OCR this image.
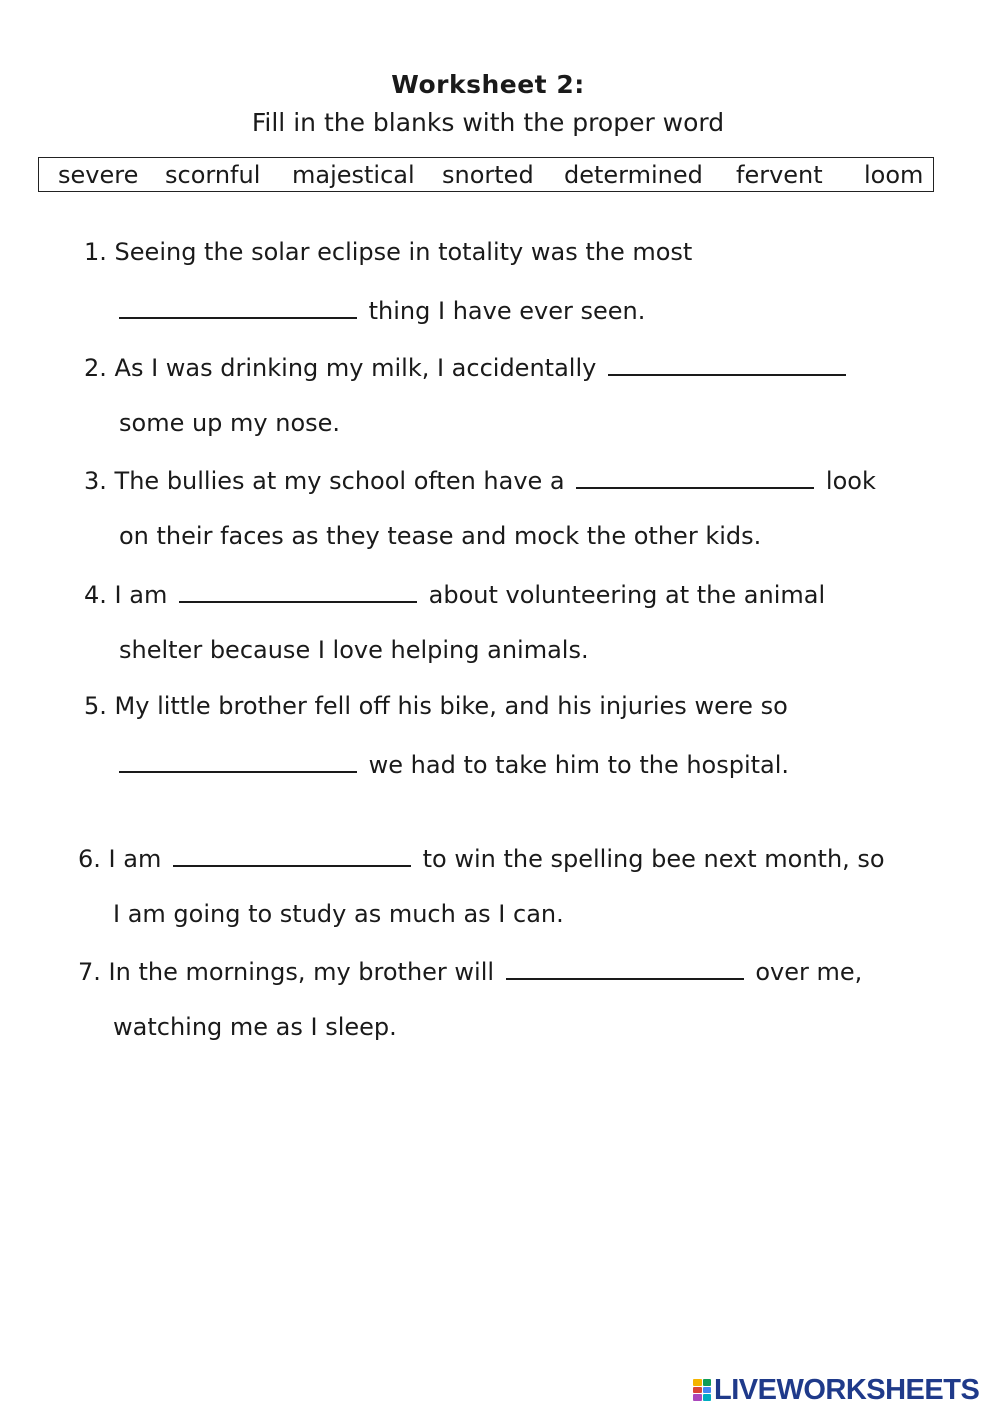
Worksheet 2:
Fill in the blanks with the proper word
severe scornful majestical snorted determined fervent loom
1. Seeing the solar eclipse in totality was the most
thing I have ever seen.
2. As I was drinking my milk, I accidentally
some up my nose.
3. The bullies at my school often have a	look
on their faces as they tease and mock the other kids.
4. I am	about volunteering at the animal
shelter because I love helping animals.
5. My little brother fell off his bike, and his injuries were so
we had to take him to the hospital.
6. I am	to win the spelling bee next month, so
I am going to study as much as I can.
7. In the mornings, my brother will	over me,
watching me as I sleep.
LIVEWORKSHEETS
